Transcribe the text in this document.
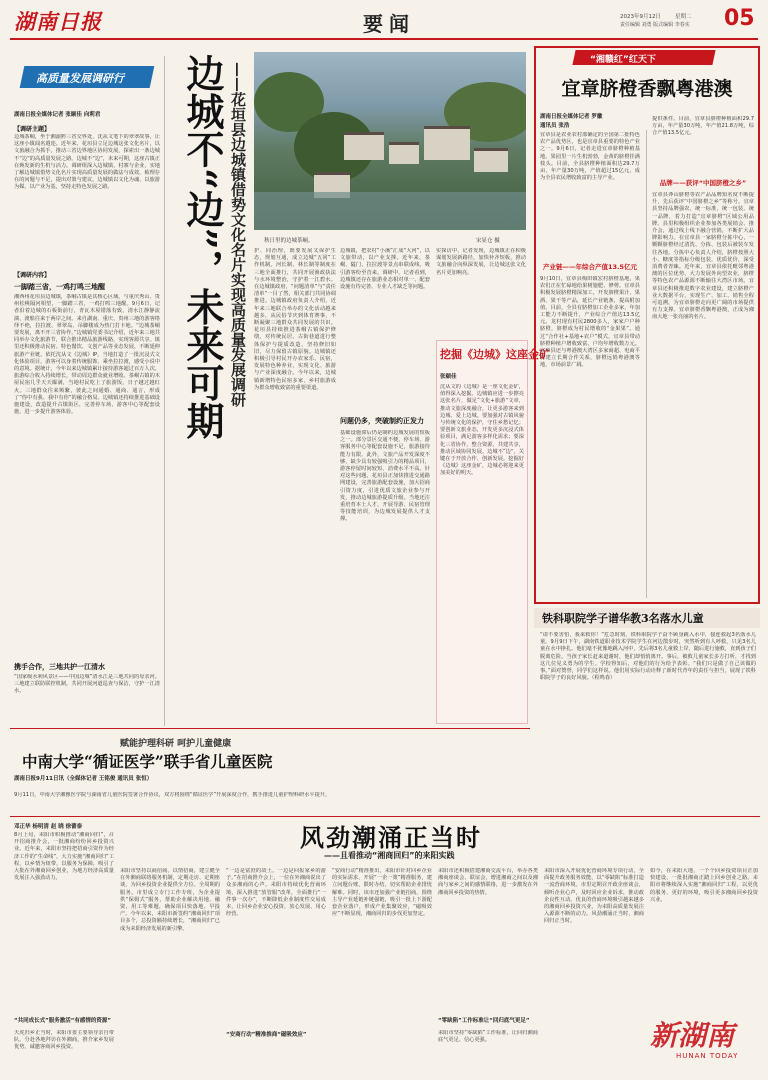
湖南日报	要闻	2023年9月12日	星期二
责任编辑 刘勇 版式编辑 李春实 05
高质量发展调研行
湖南日报全媒体记者 张颐佳 向莉君
【调研主题】
边城茶峒，坐于湘渝黔三省交界处，沈从文笔下的翠翠故事，让这座小镇闻名遐迩。近年来，花垣县立足边城这张文化名片，以文旅融合为抓手，推动三省边界地区协同发展，探索出一条边城不“边”的高质量发展之路。边城不“边”，未来可期，这座古镇正在焕发新的生机与活力。调研组深入边城镇、村寨与企业，实地了解边城镇借势文化名片实现高质量发展的做法与成效，梳理存在的问题与不足，提出对策与建议。边城镇以文化为魂、以旅游为媒、以产业为基，坚持走特色发展之路。
【调研内容】
一脚踏三省，一鸡打鸣三地醒
湘西州花垣县边城镇，茶峒古镇是其核心区域，与重庆秀山、贵州松桃隔河相望，一脚踏三省，一鸡打鸣三地醒。9月6日，记者沿着边城的石板街前行，青瓦木屋错落有致，清水江静静流淌，渡船往来于两岸之间。来自湖南、重庆、贵州三地的游客络绎不绝，拉拉渡、翠翠岛、吊脚楼成为热门打卡地。“边城茶峒要发展，离不开三省协作。”边城镇党委书记介绍，近年来三地共同举办文化旅游节，联合推出精品旅游线路，实现客源共享。镇里还积极推动民宿、特色餐饮、文创产品等业态发展，不断延伸旅游产业链。依托沈从文《边城》IP，当地打造了一批沉浸式文化体验项目，游客可以身着传统服饰、乘坐拉拉渡，感受小说中的意境。据统计，今年以来边城镇累计接待游客超过百万人次，旅游综合收入持续增长，带动周边群众就业增收。茶峒古镇的木屋民宿几乎天天爆满，当地村民吃上了旅游饭，日子越过越红火。三地群众往来频繁，彼此之间通婚、通商、通言，形成了“你中有我、我中有你”的融合格局。边城镇还持续推进基础设施建设，改造提升古镇街区，完善停车场、游客中心等配套设施，进一步提升游客体验。
携手合作，三地共护一江清水
“国家级水利风景区——中国边城”清水江是三地共同的母亲河。三地建立联防联控机制，共同开展河道巡查与保洁，守护一江清水。
边城不“边”，未来可期 ——花垣县边城镇借势文化名片实现高质量发展调研	秋日里的边城茶峒。	宋显仓 摄
护、同治理，既要发展又保护生态，规划互通，成立边城“五同”工作机制。河长制、林长制等制度在三地全面推行，共同开展渔政执法与水环境整治，守护着一江碧水。在边城镇政府，“问题清单”与“责任清单”一目了然，相关部门共同协调推进。边城镇政府负责人介绍，近年来三地联合举办的文化活动越来越多，从民俗节庆到体育赛事，不断凝聚三地群众共同发展的共识。花垣县持续推进茶峒古镇保护修缮，对传统民居、古街巷道进行整体保护与提质改造，坚持修旧如旧，尽力保留古镇原貌。边城镇还积极引导村民开办农家乐、民宿，发展特色种养业，实现文化、旅游与产业深度融合。今年以来，边城镇新增特色民宿多家，乡村旅游成为群众增收致富的重要渠道。
问题仍多，突破制约正发力
边城镇，把农村“小溪”汇成“大河”，以文旅带动，以产业支撑。近年来，茶峒、隘门、拉拉渡等景点串联成线，吸引游客纷至沓来。调研中，记者看到，边城镇还存在旅游业态相对单一、配套设施有待完善、专业人才缺乏等问题。
基础设施滞后仍是制约边城发展的短板之一。部分景区交通不便，停车场、游客服务中心等配套设施不足，旅游接待能力有限。此外，文旅产品开发深度不够，缺少具有较强吸引力的精品项目，游客停留时间较短、消费水平不高。针对这些问题，花垣县正加快推进交通路网建设，完善旅游配套设施，加大招商引资力度，引进优质文旅企业参与开发，推动边城旅游提质升级。当地还注重培育本土人才，开展导游、民宿管理等技能培训，为边城发展提供人才支撑。
实探访中，记者发现，边城镇正在积极谋划发展新路径，加快补齐短板，推动文旅融合向纵深发展，让边城这张文化名片更加响亮。
挖掘《边城》这座金矿
张颐佳
沈从文的《边城》是一座文化金矿，值得深入挖掘。边城镇应进一步擦亮这张名片，做足“文化+旅游”文章，推动文旅深度融合，让更多游客来到边城、爱上边城。要加强对古镇风貌与传统文化的保护，守住乡愁记忆；要创新文旅业态，开发更多沉浸式体验项目，满足游客多样化需求；要深化三省协作，整合资源，共建共享，推动区域协同发展。边城不“边”，关键在于开放合作、创新发展。挖掘好《边城》这座金矿，边城必将迎来更加美好的明天。
“湘赣红”红天下
宜章脐橙香飘粤港澳
湖南日报全媒体记者 罗徽
通讯员 张浩
宜章县是农业农村部确定的全国第二批特色农产品优势区，也是宜章县重要的特色产业之一。9月6日，记者走进宜章脐橙种植基地，果园里一片生机勃勃，金黄的脐橙挂满枝头。目前，全县脐橙种植面积达29.7万亩，年产量30万吨，产值超过15亿元，成为全县农民增收致富的主导产业。
产业链——年综合产值13.5亿元
9月10日，宜章县梅田镇宏村脐橙基地，果农们正在忙碌地给果树施肥、修剪。宜章县积极发展脐橙精深加工，开发脐橙果汁、果酒、果干等产品，延长产业链条，提高附加值。目前，全县有脐橙加工企业多家，年加工能力不断提升，产业综合产值达13.5亿元。龙村现有村民2800多人，家家户户种脐橙，脐橙成为村民增收的“金果果”。通过“合作社+基地+农户”模式，宜章县带动脐橙种植户增收致富，户均年增收数万元。宜章县还与粤港澳大湾区多家商超、电商平台建立长期合作关系，脐橙远销粤港澳等地，市场前景广阔。
提供条件。目前，宜章县脐橙种植面积29.7万亩，年产量30万吨，年产值21.8万吨，综合产值13.5亿元。
品牌——获评“中国脐橙之乡”
宜章县莽山脐橙等农产品品牌知名度不断提升，先后获评“中国脐橙之乡”等称号。宜章县坚持品牌强农，统一标准、统一包装、统一品牌，着力打造“宜章脐橙”区域公用品牌。县里积极组织企业参加各类展销会、推介会，通过线上线下融合营销，不断扩大品牌影响力。在宜章县一家脐橙分拣中心，一颗颗脐橙经过清洗、分拣、包装后被装车发往各地。分拣中心负责人介绍，脐橙按照大小、糖度等指标分级包装，优质优价，深受消费者青睐。近年来，宜章县依托毗邻粤港澳的区位优势，大力发展外向型农业，脐橙等特色农产品源源不断输往大湾区市场。宜章县还积极推进数字农业建设，建立脐橙产业大数据平台，实现生产、加工、销售全程可追溯，为宜章脐橙走向更广阔的市场提供有力支撑。宜章脐橙香飘粤港澳，正成为湘南大地一张亮丽的名片。
铁科职院学子谱华教3名落水儿童
“请不要害怕，我来救你！”危急时刻，铁科职院学子奋不顾身跳入水中，接连救起3名落水儿童。9月9日下午，湖南铁道职业技术学院学生在河边散步时，突然听到有人呼救，只见3名儿童在水中挣扎。他们毫不犹豫地跳入河中，先后将3名儿童救上岸，随后进行施救，直到孩子们脱离危险。当孩子家长赶来道谢时，他们却悄悄离开。事后，被救儿童家长多方打听，才找到这几位见义勇为的学生。学校得知后，对他们的行为给予表彰。“我们只是做了自己该做的事。”面对赞誉，同学们这样说。他们用实际行动诠释了新时代青年的责任与担当，展现了铁科职院学子的良好风貌。（程鸣春）
赋能护理科研 呵护儿童健康
中南大学“循证医学”联手省儿童医院
湖南日报9月11日讯（全媒体记者 王铭俊 通讯员 张恒）
9月11日，中南大学湘雅医学院与湖南省儿童医院签署合作协议，双方将围绕“循证医学”开展深度合作，携手推进儿童护理科研水平提升。
邓正华 杨明清 赵 晓 徐蕾泰
8月上旬，耒阳市积极推动“湘商回归”，召开招商推介会，一批湘商纷纷回乡投资兴业。近年来，耒阳市坚持把招商引资作为经济工作的“生命线”，大力实施“湘商回归”工程，以乡情为纽带，以服务为保障，吸引了大批在外湘商回乡创业，为地方经济高质量发展注入强劲动力。
“共同成长式”服务激活“有感情的资源”
天虎归乡正当时，耒阳市委主要领导亲自带队，分赴各地拜访在外湘商，推介家乡发展优势，诚邀客商回乡投资。
风劲潮涌正当时
——且看推动“湘商回归”的来阳实践
耒阳市坚持以商招商、以情招商，建立健全在外湘商联络服务机制，定期走访、定期座谈，为回乡投资企业提供全方位、全周期的服务。市里成立专门工作专班，为企业提供“保姆式”服务，帮助企业解决用地、融资、用工等难题，确保项目快落地、早投产。今年以来，耒阳市新签约“湘商回归”项目多个，总投资额持续增长，“湘商回归”已成为耒阳经济发展的新引擎。
“安商行动”精准推商“磁吸效应”
“一边是富庶的故土，一边是回报家乡的游子。”在招商推介会上，一位在外湘商说出了众多湘商的心声。耒阳市持续优化营商环境，深入推进“放管服”改革，全面推行“一件事一次办”，不断降低企业制度性交易成本，让回乡企业安心投资、放心发展、用心经营。
“安商行动”精准推出，耒阳市针对回乡企业的实际需求，开展“一企一策”精准服务，建立问题台账，限时办结，切实帮助企业排忧解难。同时，该市还加强产业链招商，围绕主导产业延链补链强链，吸引一批上下游配套企业落户，形成产业集聚效应，“磁吸效应”不断显现，湘商回归的步伐更加坚定。
“零缺陷”工作标准让“回归底气更足”
耒阳市还积极搭建湘商交流平台，举办各类湘商座谈会、联谊会，增进湘商之间以及湘商与家乡之间的感情联络，进一步激发在外湘商回乡投资的热情。
耒阳市坚持“零缺陷”工作标准，让回归湘商底气更足、信心更强。
耒阳市深入开展优化营商环境专项行动，全面提升政务服务效能，以“零缺陷”标准打造一流营商环境。市里定期召开政企座谈会，倾听企业心声，及时回应企业诉求，推动政企良性互动。优良的营商环境吸引越来越多的湘商回乡投资兴业，为耒阳高质量发展注入源源不断的动力。风劲潮涌正当时，湘商回归正当时。
如今，在耒阳大地，一个个回乡投资项目正加快建设，一批批湘商正踏上回乡创业之路。耒阳市将继续深入实施“湘商回归”工程，以更优的服务、更好的环境，吸引更多湘商回乡投资兴业。
新湖南
HUNAN TODAY
